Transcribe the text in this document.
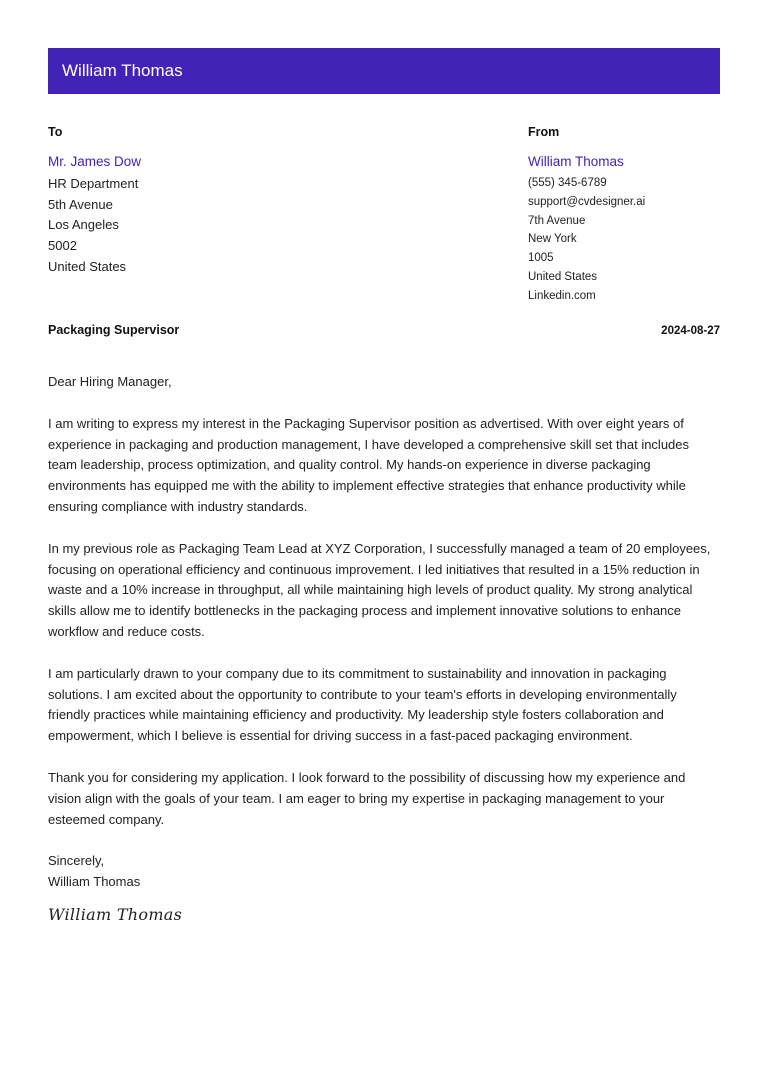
William Thomas
To
Mr. James Dow
HR Department
5th Avenue
Los Angeles
5002
United States
From
William Thomas
(555) 345-6789
support@cvdesigner.ai
7th Avenue
New York
1005
United States
Linkedin.com
Packaging Supervisor	2024-08-27

Dear Hiring Manager,

I am writing to express my interest in the Packaging Supervisor position as advertised. With over eight years of experience in packaging and production management, I have developed a comprehensive skill set that includes team leadership, process optimization, and quality control. My hands-on experience in diverse packaging environments has equipped me with the ability to implement effective strategies that enhance productivity while ensuring compliance with industry standards.

In my previous role as Packaging Team Lead at XYZ Corporation, I successfully managed a team of 20 employees, focusing on operational efficiency and continuous improvement. I led initiatives that resulted in a 15% reduction in waste and a 10% increase in throughput, all while maintaining high levels of product quality. My strong analytical skills allow me to identify bottlenecks in the packaging process and implement innovative solutions to enhance workflow and reduce costs.

I am particularly drawn to your company due to its commitment to sustainability and innovation in packaging solutions. I am excited about the opportunity to contribute to your team's efforts in developing environmentally friendly practices while maintaining efficiency and productivity. My leadership style fosters collaboration and empowerment, which I believe is essential for driving success in a fast-paced packaging environment.

Thank you for considering my application. I look forward to the possibility of discussing how my experience and vision align with the goals of your team. I am eager to bring my expertise in packaging management to your esteemed company.

Sincerely,
William Thomas
William Thomas
